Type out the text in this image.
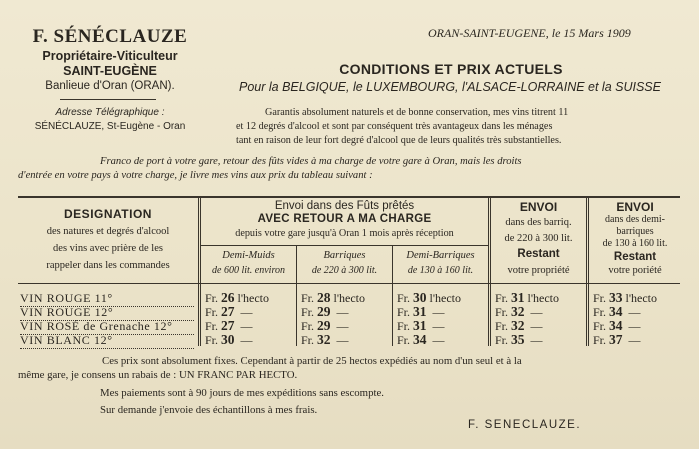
F. SÉNÉCLAUZE
Propriétaire-Viticulteur
SAINT-EUGÈNE
Banlieue d'Oran (ORAN).
Adresse Télégraphique :
SÉNÉCLAUZE, St-Eugène - Oran
ORAN-SAINT-EUGENE, le 15 Mars 1909
CONDITIONS ET PRIX ACTUELS
Pour la BELGIQUE, le LUXEMBOURG, l'ALSACE-LORRAINE et la SUISSE
Garantis absolument naturels et de bonne conservation, mes vins titrent 11
et 12 degrés d'alcool et sont par conséquent très avantageux dans les ménages
tant en raison de leur fort degré d'alcool que de leurs qualités très substantielles.
Franco de port à votre gare, retour des fûts vides à ma charge de votre gare à Oran, mais les droits
d'entrée en votre pays à votre charge, je livre mes vins aux prix du tableau suivant :
DESIGNATION
des natures et degrés d'alcool
des vins avec prière de les
rappeler dans les commandes
Envoi dans des Fûts prêtés
AVEC RETOUR A MA CHARGE
depuis votre gare jusqu'à Oran 1 mois après réception
Demi-Muids
de 600 lit. environ
Barriques
de 220 à 300 lit.
Demi-Barriques
de 130 à 160 lit.
ENVOI
dans des barriq.
de 220 à 300 lit.
Restant
votre propriété
ENVOI
dans des demi-
barriques
de 130 à 160 lit.
Restant
votre poriété
VIN ROUGE 11°	Fr. 26 l'hecto	Fr. 28 l'hecto	Fr. 30 l'hecto	Fr. 31 l'hecto	Fr. 33 l'hecto
VIN ROUGE 12°	Fr. 27  —	Fr. 29  —	Fr. 31  —	Fr. 32  —	Fr. 34  —
VIN ROSÉ de Grenache 12°	Fr. 27  —	Fr. 29  —	Fr. 31  —	Fr. 32  —	Fr. 34  —
VIN BLANC 12°	Fr. 30  —	Fr. 32  —	Fr. 34  —	Fr. 35  —	Fr. 37  —
Ces prix sont absolument fixes. Cependant à partir de 25 hectos expédiés au nom d'un seul et à la
même gare, je consens un rabais de : UN FRANC PAR HECTO.
Mes paiements sont à 90 jours de mes expéditions sans escompte.
Sur demande j'envoie des échantillons à mes frais.
F. SENECLAUZE.
